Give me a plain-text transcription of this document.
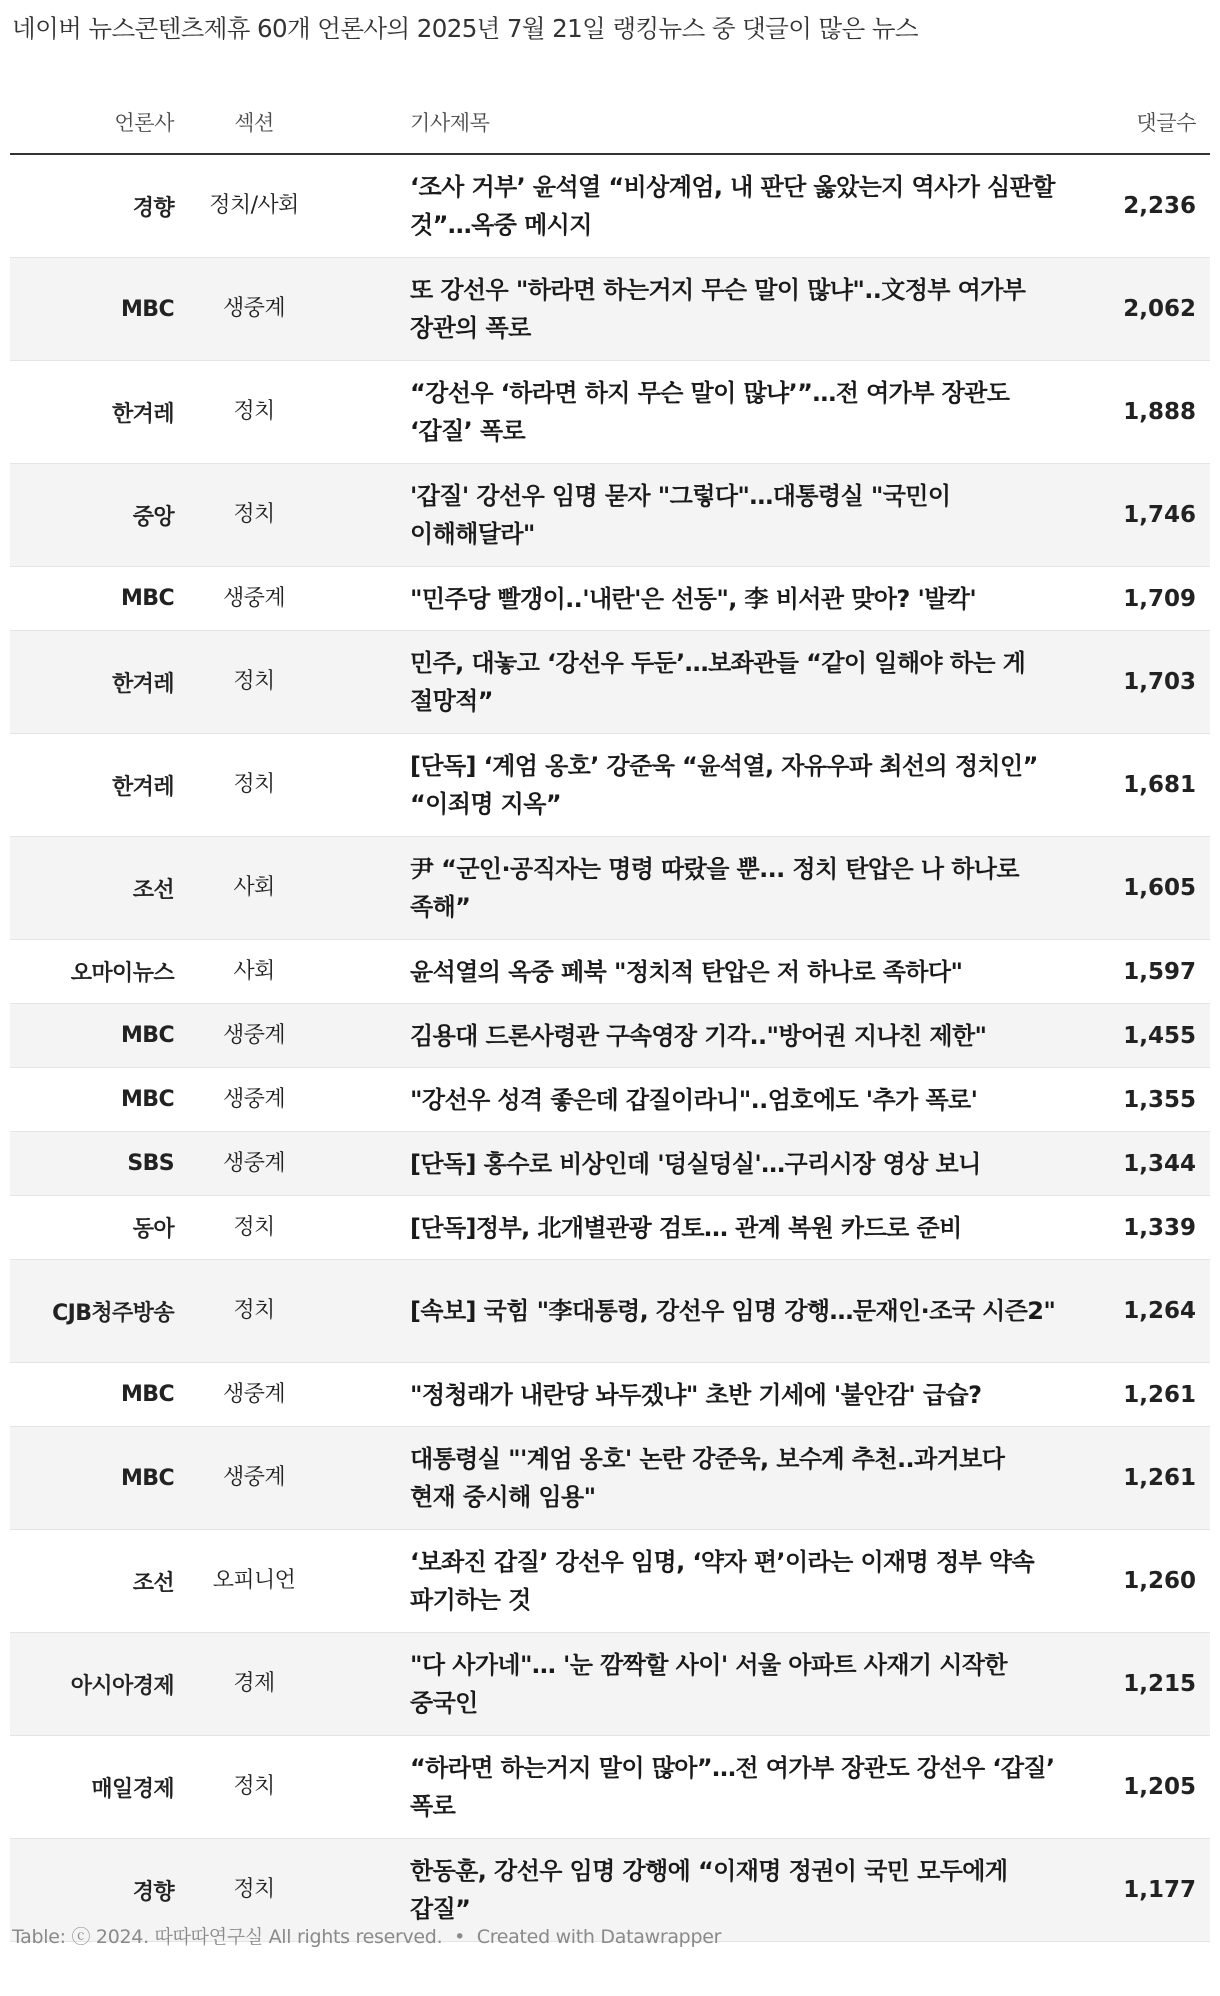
네이버 뉴스콘텐츠제휴 60개 언론사의 2025년 7월 21일 랭킹뉴스 중 댓글이 많은 뉴스
언론사	섹션	기사제목	댓글수
경향	정치/사회	‘조사 거부’ 윤석열 “비상계엄, 내 판단 옳았는지 역사가 심판할 것”…옥중 메시지	2,236
MBC	생중계	또 강선우 "하라면 하는거지 무슨 말이 많냐"..文정부 여가부 장관의 폭로	2,062
한겨레	정치	“강선우 ‘하라면 하지 무슨 말이 많냐’”…전 여가부 장관도 ‘갑질’ 폭로	1,888
중앙	정치	'갑질' 강선우 임명 묻자 "그렇다"…대통령실 "국민이 이해해달라"	1,746
MBC	생중계	"민주당 빨갱이..'내란'은 선동", 李 비서관 맞아? '발칵'	1,709
한겨레	정치	민주, 대놓고 ‘강선우 두둔’…보좌관들 “같이 일해야 하는 게 절망적”	1,703
한겨레	정치	[단독] ‘계엄 옹호’ 강준욱 “윤석열, 자유우파 최선의 정치인” “이죄명 지옥”	1,681
조선	사회	尹 “군인·공직자는 명령 따랐을 뿐... 정치 탄압은 나 하나로 족해”	1,605
오마이뉴스	사회	윤석열의 옥중 페북 "정치적 탄압은 저 하나로 족하다"	1,597
MBC	생중계	김용대 드론사령관 구속영장 기각.."방어권 지나친 제한"	1,455
MBC	생중계	"강선우 성격 좋은데 갑질이라니"..엄호에도 '추가 폭로'	1,355
SBS	생중계	[단독] 홍수로 비상인데 '덩실덩실'…구리시장 영상 보니	1,344
동아	정치	[단독]정부, 北개별관광 검토… 관계 복원 카드로 준비	1,339
CJB청주방송	정치	[속보] 국힘 "李대통령, 강선우 임명 강행…문재인·조국 시즌2"	1,264
MBC	생중계	"정청래가 내란당 놔두겠냐" 초반 기세에 '불안감' 급습?	1,261
MBC	생중계	대통령실 "'계엄 옹호' 논란 강준욱, 보수계 추천..과거보다 현재 중시해 임용"	1,261
조선	오피니언	‘보좌진 갑질’ 강선우 임명, ‘약자 편’이라는 이재명 정부 약속 파기하는 것	1,260
아시아경제	경제	"다 사가네"… '눈 깜짝할 사이' 서울 아파트 사재기 시작한 중국인	1,215
매일경제	정치	“하라면 하는거지 말이 많아”…전 여가부 장관도 강선우 ‘갑질’ 폭로	1,205
경향	정치	한동훈, 강선우 임명 강행에 “이재명 정권이 국민 모두에게 갑질”	1,177
Table: ⓒ 2024. 따따따연구실 All rights reserved. • Created with Datawrapper
